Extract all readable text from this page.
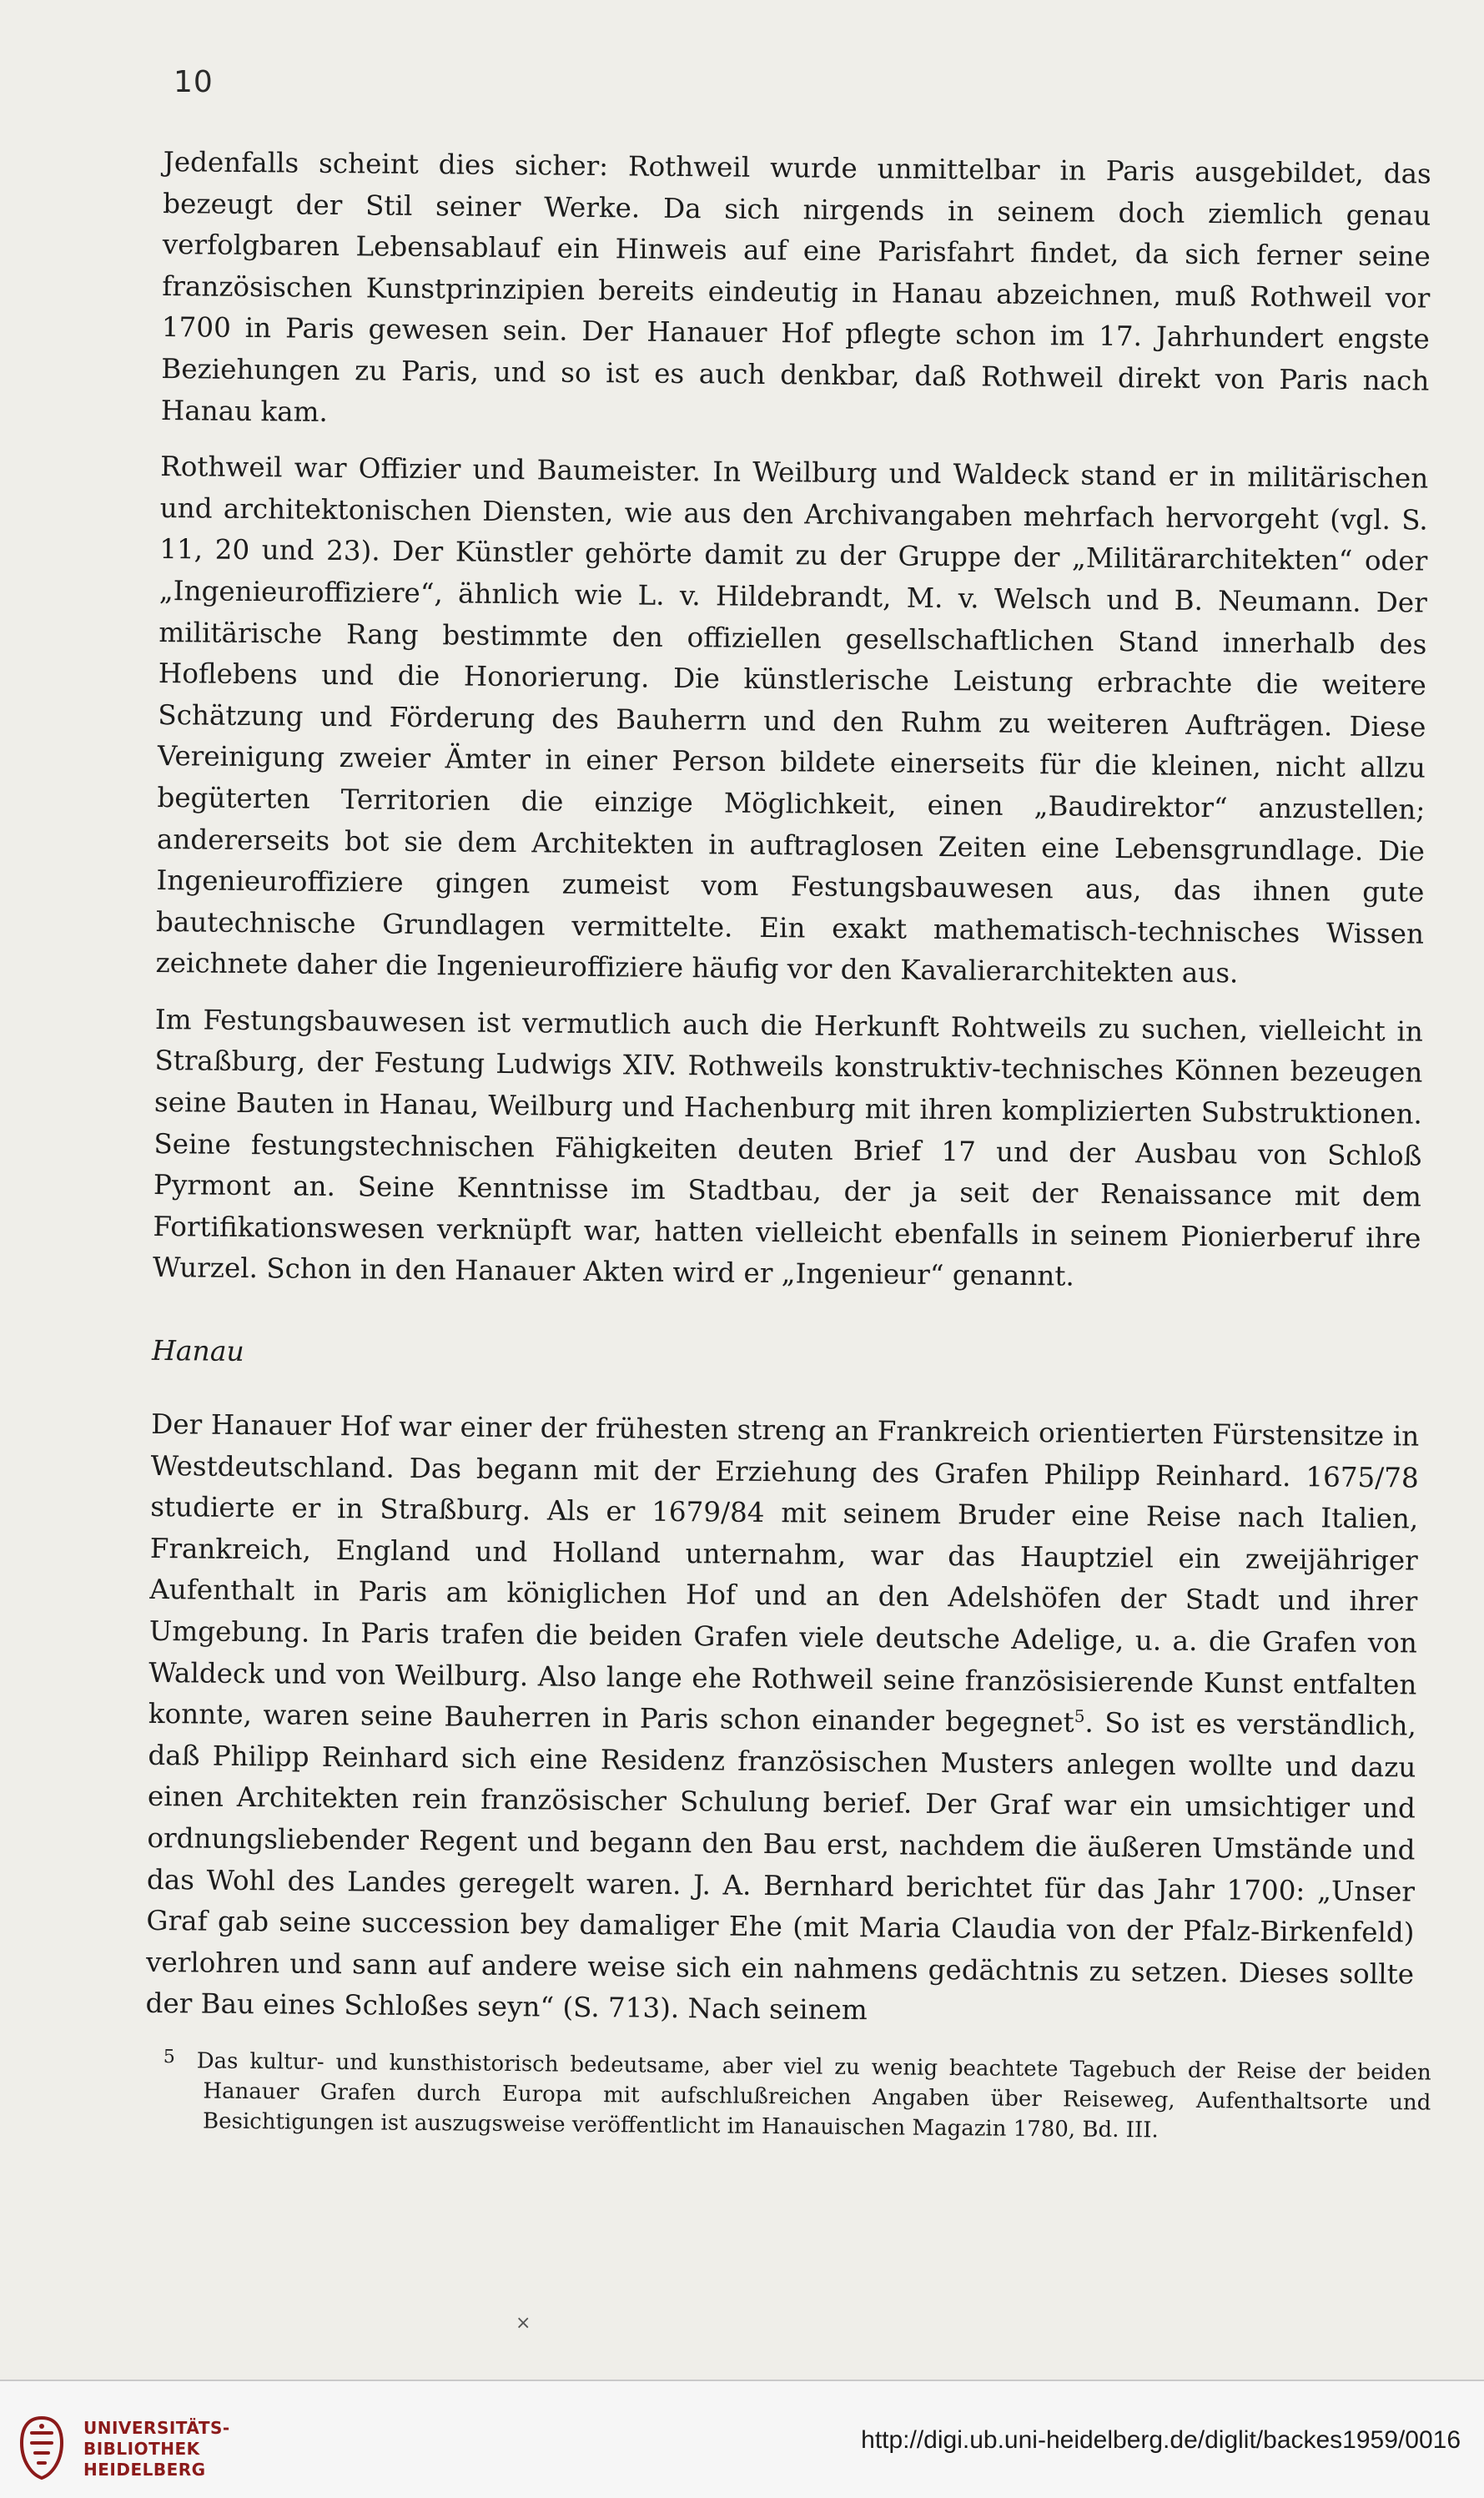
10

Jedenfalls scheint dies sicher: Rothweil wurde unmittelbar in Paris ausgebildet, das bezeugt der Stil seiner Werke. Da sich nirgends in seinem doch ziemlich genau verfolgbaren Lebensablauf ein Hinweis auf eine Parisfahrt findet, da sich ferner seine französischen Kunstprinzipien bereits eindeutig in Hanau abzeichnen, muß Rothweil vor 1700 in Paris gewesen sein. Der Hanauer Hof pflegte schon im 17. Jahrhundert engste Beziehungen zu Paris, und so ist es auch denkbar, daß Rothweil direkt von Paris nach Hanau kam.

Rothweil war Offizier und Baumeister. In Weilburg und Waldeck stand er in militärischen und architektonischen Diensten, wie aus den Archivangaben mehrfach hervorgeht (vgl. S. 11, 20 und 23). Der Künstler gehörte damit zu der Gruppe der „Militärarchitekten“ oder „Ingenieuroffiziere“, ähnlich wie L. v. Hildebrandt, M. v. Welsch und B. Neumann. Der militärische Rang bestimmte den offiziellen gesellschaftlichen Stand innerhalb des Hoflebens und die Honorierung. Die künstlerische Leistung erbrachte die weitere Schätzung und Förderung des Bauherrn und den Ruhm zu weiteren Aufträgen. Diese Vereinigung zweier Ämter in einer Person bildete einerseits für die kleinen, nicht allzu begüterten Territorien die einzige Möglichkeit, einen „Baudirektor“ anzustellen; andererseits bot sie dem Architekten in auftraglosen Zeiten eine Lebensgrundlage. Die Ingenieuroffiziere gingen zumeist vom Festungsbauwesen aus, das ihnen gute bautechnische Grundlagen vermittelte. Ein exakt mathematisch-technisches Wissen zeichnete daher die Ingenieuroffiziere häufig vor den Kavalierarchitekten aus.

Im Festungsbauwesen ist vermutlich auch die Herkunft Rohtweils zu suchen, vielleicht in Straßburg, der Festung Ludwigs XIV. Rothweils konstruktiv-technisches Können bezeugen seine Bauten in Hanau, Weilburg und Hachenburg mit ihren komplizierten Substruktionen. Seine festungstechnischen Fähigkeiten deuten Brief 17 und der Ausbau von Schloß Pyrmont an. Seine Kenntnisse im Stadtbau, der ja seit der Renaissance mit dem Fortifikationswesen verknüpft war, hatten vielleicht ebenfalls in seinem Pionierberuf ihre Wurzel. Schon in den Hanauer Akten wird er „Ingenieur“ genannt.

Hanau

Der Hanauer Hof war einer der frühesten streng an Frankreich orientierten Fürstensitze in Westdeutschland. Das begann mit der Erziehung des Grafen Philipp Reinhard. 1675/78 studierte er in Straßburg. Als er 1679/84 mit seinem Bruder eine Reise nach Italien, Frankreich, England und Holland unternahm, war das Hauptziel ein zweijähriger Aufenthalt in Paris am königlichen Hof und an den Adelshöfen der Stadt und ihrer Umgebung. In Paris trafen die beiden Grafen viele deutsche Adelige, u. a. die Grafen von Waldeck und von Weilburg. Also lange ehe Rothweil seine französisierende Kunst entfalten konnte, waren seine Bauherren in Paris schon einander begegnet$^5$. So ist es verständlich, daß Philipp Reinhard sich eine Residenz französischen Musters anlegen wollte und dazu einen Architekten rein französischer Schulung berief. Der Graf war ein umsichtiger und ordnungsliebender Regent und begann den Bau erst, nachdem die äußeren Umstände und das Wohl des Landes geregelt waren. J. A. Bernhard berichtet für das Jahr 1700: „Unser Graf gab seine succession bey damaliger Ehe (mit Maria Claudia von der Pfalz-Birkenfeld) verlohren und sann auf andere weise sich ein nahmens gedächtnis zu setzen. Dieses sollte der Bau eines Schloßes seyn“ (S. 713). Nach seinem

5 Das kultur- und kunsthistorisch bedeutsame, aber viel zu wenig beachtete Tagebuch der Reise der beiden Hanauer Grafen durch Europa mit aufschlußreichen Angaben über Reiseweg, Aufenthaltsorte und Besichtigungen ist auszugsweise veröffentlicht im Hanauischen Magazin 1780, Bd. III.

×
UNIVERSITÄTS-
BIBLIOTHEK
HEIDELBERG
http://digi.ub.uni-heidelberg.de/diglit/backes1959/0016
